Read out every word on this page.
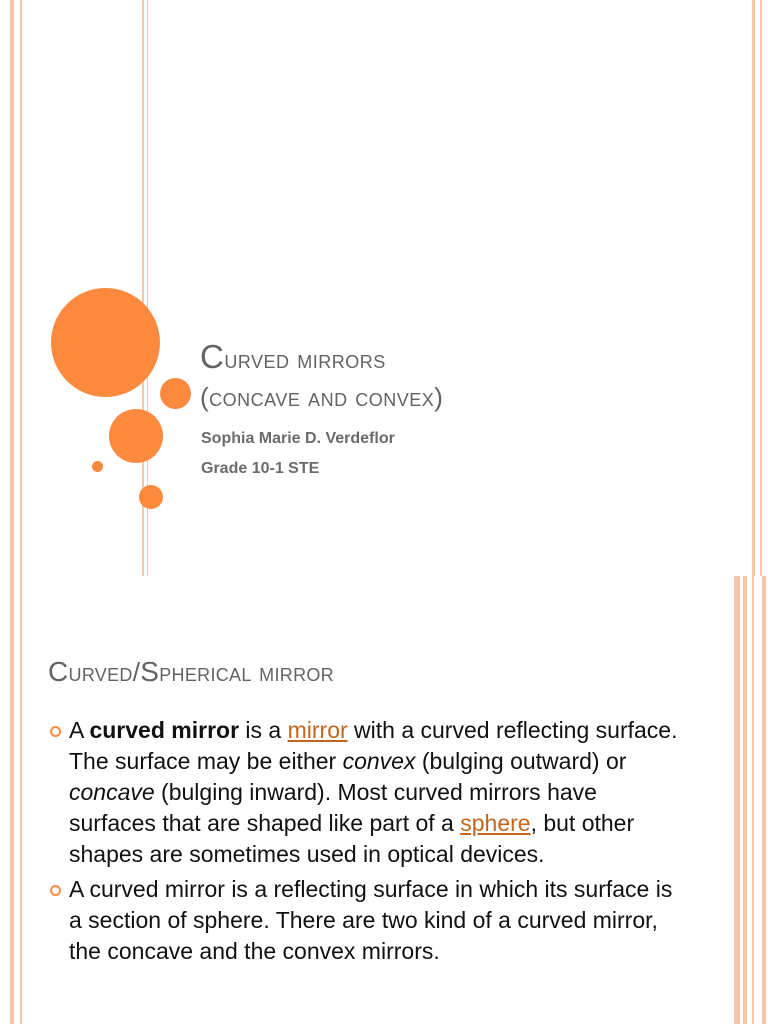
Curved mirrors
(concave and convex)
Sophia Marie D. Verdeflor
Grade 10-1 STE
Curved/Spherical mirror
A curved mirror is a mirror with a curved reflecting surface. The surface may be either convex (bulging outward) or concave (bulging inward). Most curved mirrors have surfaces that are shaped like part of a sphere, but other shapes are sometimes used in optical devices.
A curved mirror is a reflecting surface in which its surface is a section of sphere. There are two kind of a curved mirror, the concave and the convex mirrors.
